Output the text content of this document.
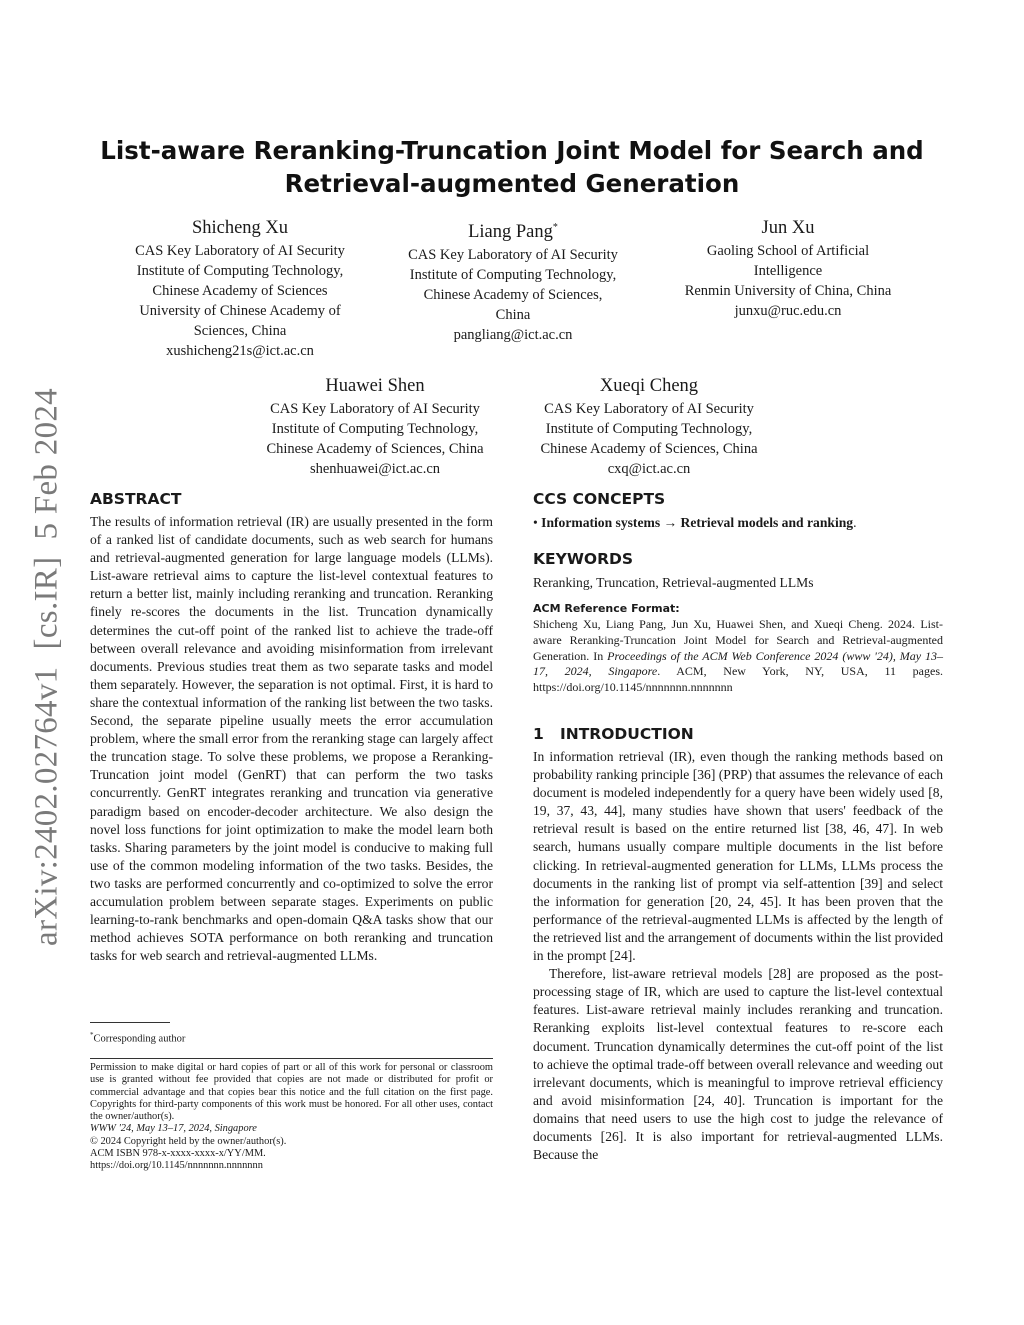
arXiv:2402.02764v1  [cs.IR]  5 Feb 2024
List-aware Reranking-Truncation Joint Model for Search and
Retrieval-augmented Generation
Shicheng Xu
CAS Key Laboratory of AI Security
Institute of Computing Technology,
Chinese Academy of Sciences
University of Chinese Academy of
Sciences, China
xushicheng21s@ict.ac.cn
Liang Pang*
CAS Key Laboratory of AI Security
Institute of Computing Technology,
Chinese Academy of Sciences,
China
pangliang@ict.ac.cn
Jun Xu
Gaoling School of Artificial
Intelligence
Renmin University of China, China
junxu@ruc.edu.cn
Huawei Shen
CAS Key Laboratory of AI Security
Institute of Computing Technology,
Chinese Academy of Sciences, China
shenhuawei@ict.ac.cn
Xueqi Cheng
CAS Key Laboratory of AI Security
Institute of Computing Technology,
Chinese Academy of Sciences, China
cxq@ict.ac.cn
ABSTRACT

The results of information retrieval (IR) are usually presented in the form of a ranked list of candidate documents, such as web search for humans and retrieval-augmented generation for large language models (LLMs). List-aware retrieval aims to capture the list-level contextual features to return a better list, mainly including reranking and truncation. Reranking finely re-scores the documents in the list. Truncation dynamically determines the cut-off point of the ranked list to achieve the trade-off between overall relevance and avoiding misinformation from irrelevant documents. Previous studies treat them as two separate tasks and model them separately. However, the separation is not optimal. First, it is hard to share the contextual information of the ranking list between the two tasks. Second, the separate pipeline usually meets the error accumulation problem, where the small error from the reranking stage can largely affect the truncation stage. To solve these problems, we propose a Reranking-Truncation joint model (GenRT) that can perform the two tasks concurrently. GenRT integrates reranking and truncation via generative paradigm based on encoder-decoder architecture. We also design the novel loss functions for joint optimization to make the model learn both tasks. Sharing parameters by the joint model is conducive to making full use of the common modeling information of the two tasks. Besides, the two tasks are performed concurrently and co-optimized to solve the error accumulation problem between separate stages. Experiments on public learning-to-rank benchmarks and open-domain Q&A tasks show that our method achieves SOTA performance on both reranking and truncation tasks for web search and retrieval-augmented LLMs.

*Corresponding author
Permission to make digital or hard copies of part or all of this work for personal or classroom use is granted without fee provided that copies are not made or distributed for profit or commercial advantage and that copies bear this notice and the full citation on the first page. Copyrights for third-party components of this work must be honored. For all other uses, contact the owner/author(s).
WWW '24, May 13–17, 2024, Singapore
© 2024 Copyright held by the owner/author(s).
ACM ISBN 978-x-xxxx-xxxx-x/YY/MM.
https://doi.org/10.1145/nnnnnnn.nnnnnnn
CCS CONCEPTS
• Information systems → Retrieval models and ranking.
KEYWORDS
Reranking, Truncation, Retrieval-augmented LLMs
ACM Reference Format:
Shicheng Xu, Liang Pang, Jun Xu, Huawei Shen, and Xueqi Cheng. 2024. List-aware Reranking-Truncation Joint Model for Search and Retrieval-augmented Generation. In Proceedings of the ACM Web Conference 2024 (www '24), May 13–17, 2024, Singapore. ACM, New York, NY, USA, 11 pages. https://doi.org/10.1145/nnnnnnn.nnnnnnn
1 INTRODUCTION

In information retrieval (IR), even though the ranking methods based on probability ranking principle [36] (PRP) that assumes the relevance of each document is modeled independently for a query have been widely used [8, 19, 37, 43, 44], many studies have shown that users' feedback of the retrieval result is based on the entire returned list [38, 46, 47]. In web search, humans usually compare multiple documents in the list before clicking. In retrieval-augmented generation for LLMs, LLMs process the documents in the ranking list of prompt via self-attention [39] and select the information for generation [20, 24, 45]. It has been proven that the performance of the retrieval-augmented LLMs is affected by the length of the retrieved list and the arrangement of documents within the list provided in the prompt [24].

Therefore, list-aware retrieval models [28] are proposed as the post-processing stage of IR, which are used to capture the list-level contextual features. List-aware retrieval mainly includes reranking and truncation. Reranking exploits list-level contextual features to re-score each document. Truncation dynamically determines the cut-off point of the list to achieve the optimal trade-off between overall relevance and weeding out irrelevant documents, which is meaningful to improve retrieval efficiency and avoid misinformation [24, 40]. Truncation is important for the domains that need users to use the high cost to judge the relevance of documents [26]. It is also important for retrieval-augmented LLMs. Because the
